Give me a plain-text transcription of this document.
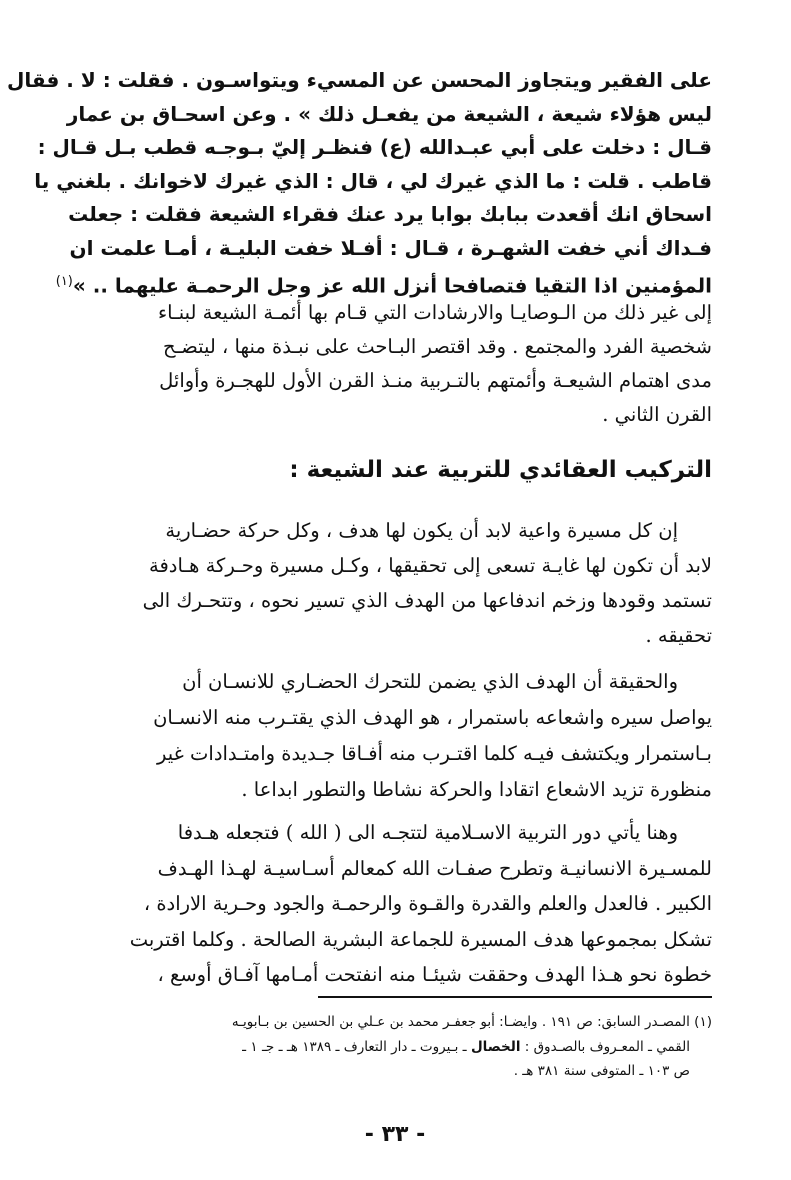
على الفقير ويتجاوز المحسن عن المسيء ويتواسـون . فقلت : لا . فقال
ليس هؤلاء شيعة ، الشيعة من يفعـل ذلك » . وعن اسحـاق بن عمار
قـال : دخلت على أبي عبـدالله (ع) فنظـر إليّ بـوجـه قطب بـل قـال :
قاطب . قلت : ما الذي غيرك لي ، قال : الذي غيرك لاخوانك . بلغني يا
اسحاق انك أقعدت ببابك بوابا يرد عنك فقراء الشيعة فقلت : جعلت
فـداك أني خفت الشهـرة ، قـال : أفـلا خفت البليـة ، أمـا علمت ان
المؤمنين اذا التقيا فتصافحا أنزل الله عز وجل الرحمـة عليهما .. »$^{(١)}$
إلى غير ذلك من الـوصايـا والارشادات التي قـام بها أئمـة الشيعة لبنـاء
شخصية الفرد والمجتمع . وقد اقتصر البـاحث على نبـذة منها ، ليتضـح
مدى اهتمام الشيعـة وأئمتهم بالتـربية منـذ القرن الأول للهجـرة وأوائل
القرن الثاني .
التركيب العقائدي للتربية عند الشيعة :
إن كل مسيرة واعية لابد أن يكون لها هدف ، وكل حركة حضـارية
لابد أن تكون لها غايـة تسعى إلى تحقيقها ، وكـل مسيرة وحـركة هـادفة
تستمد وقودها وزخم اندفاعها من الهدف الذي تسير نحوه ، وتتحـرك الى
تحقيقه .
والحقيقة أن الهدف الذي يضمن للتحرك الحضـاري للانسـان أن
يواصل سيره واشعاعه باستمرار ، هو الهدف الذي يقتـرب منه الانسـان
بـاستمرار ويكتشف فيـه كلما اقتـرب منه أفـاقا جـديدة وامتـدادات غير
منظورة تزيد الاشعاع اتقادا والحركة نشاطا والتطور ابداعا .
وهنا يأتي دور التربية الاسـلامية لتتجـه الى ( الله ) فتجعله هـدفا
للمسـيرة الانسانيـة وتطرح صفـات الله كمعالم أسـاسيـة لهـذا الهـدف
الكبير . فالعدل والعلم والقدرة والقـوة والرحمـة والجود وحـرية الارادة ،
تشكل بمجموعها هدف المسيرة للجماعة البشرية الصالحة . وكلما اقتربت
خطوة نحو هـذا الهدف وحققت شيئـا منه انفتحت أمـامها آفـاق أوسع ،
(١) المصـدر السابق: ص ١٩١ . وايضـا: أبو جعفـر محمد بن عـلي بن الحسين بن بـابويـه
القمي ـ المعـروف بالصـدوق : الخصال ـ بـيروت ـ دار التعارف ـ ١٣٨٩ هـ ـ جـ ١ ـ
ص ١٠٣ ـ المتوفى سنة ٣٨١ هـ .
- ٣٣ -
